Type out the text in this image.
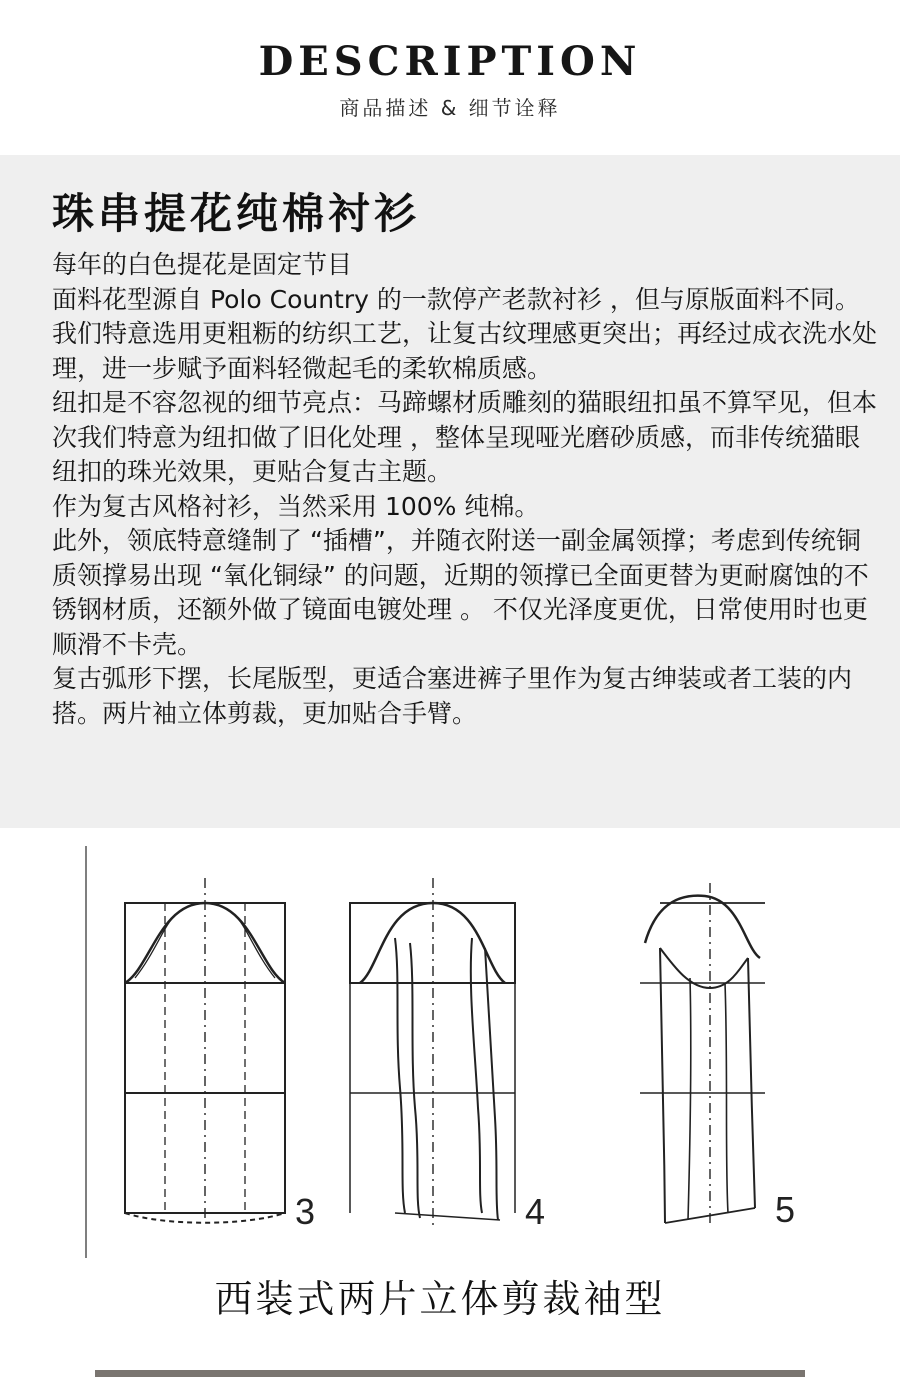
DESCRIPTION
商品描述 & 细节诠释
珠串提花纯棉衬衫

每年的白色提花是固定节目

面料花型源自 Polo Country 的一款停产老款衬衫 ，但与原版面料不同。我们特意选用更粗粝的纺织工艺，让复古纹理感更突出；再经过成衣洗水处理，进一步赋予面料轻微起毛的柔软棉质感。

纽扣是不容忽视的细节亮点：马蹄螺材质雕刻的猫眼纽扣虽不算罕见，但本次我们特意为纽扣做了旧化处理 ，整体呈现哑光磨砂质感，而非传统猫眼纽扣的珠光效果，更贴合复古主题。

作为复古风格衬衫，当然采用 100% 纯棉。

此外，领底特意缝制了 “插槽”，并随衣附送一副金属领撑；考虑到传统铜质领撑易出现 “氧化铜绿” 的问题，近期的领撑已全面更替为更耐腐蚀的不锈钢材质，还额外做了镜面电镀处理 。 不仅光泽度更优，日常使用时也更顺滑不卡壳。

复古弧形下摆，长尾版型，更适合塞进裤子里作为复古绅装或者工装的内搭。两片袖立体剪裁，更加贴合手臂。

3	4	5
西装式两片立体剪裁袖型
